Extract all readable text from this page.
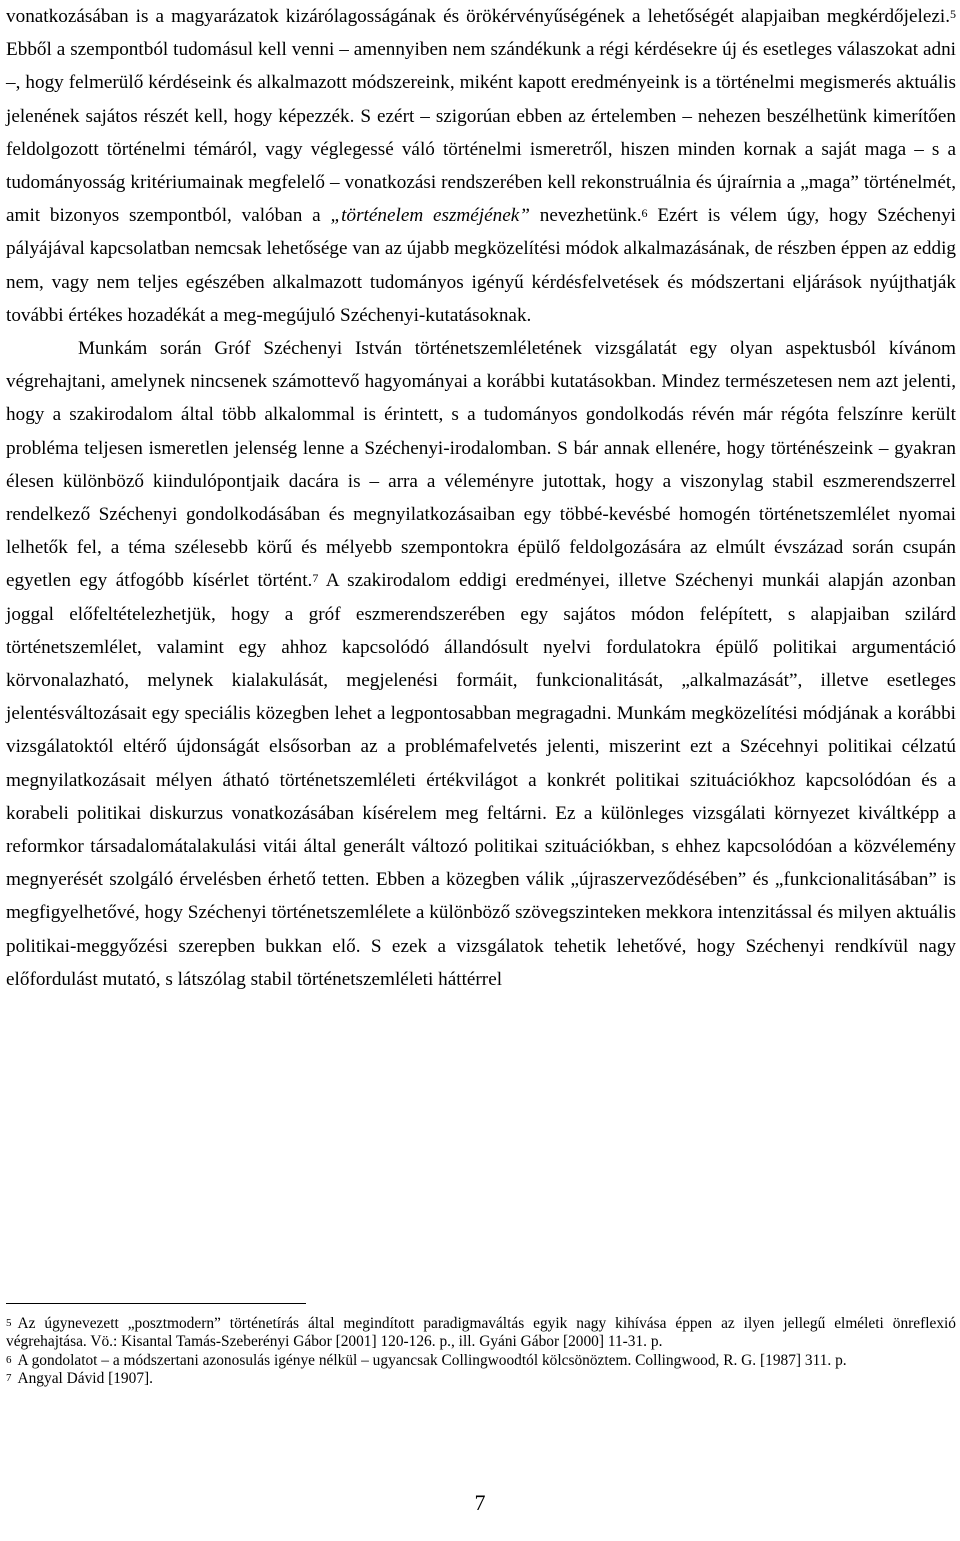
vonatkozásában is a magyarázatok kizárólagosságának és örökérvényűségének a lehetőségét alapjaiban megkérdőjelezi.$^5$ Ebből a szempontból tudomásul kell venni – amennyiben nem szándékunk a régi kérdésekre új és esetleges válaszokat adni –, hogy felmerülő kérdéseink és alkalmazott módszereink, miként kapott eredményeink is a történelmi megismerés aktuális jelenének sajátos részét kell, hogy képezzék. S ezért – szigorúan ebben az értelemben – nehezen beszélhetünk kimerítően feldolgozott történelmi témáról, vagy véglegessé váló történelmi ismeretről, hiszen minden kornak a saját maga – s a tudományosság kritériumainak megfelelő – vonatkozási rendszerében kell rekonstruálnia és újraírnia a „maga” történelmét, amit bizonyos szempontból, valóban a „történelem eszméjének” nevezhetünk.$^6$ Ezért is vélem úgy, hogy Széchenyi pályájával kapcsolatban nemcsak lehetősége van az újabb megközelítési módok alkalmazásának, de részben éppen az eddig nem, vagy nem teljes egészében alkalmazott tudományos igényű kérdésfelvetések és módszertani eljárások nyújthatják további értékes hozadékát a meg-megújuló Széchenyi-kutatásoknak.

Munkám során Gróf Széchenyi István történetszemléletének vizsgálatát egy olyan aspektusból kívánom végrehajtani, amelynek nincsenek számottevő hagyományai a korábbi kutatásokban. Mindez természetesen nem azt jelenti, hogy a szakirodalom által több alkalommal is érintett, s a tudományos gondolkodás révén már régóta felszínre került probléma teljesen ismeretlen jelenség lenne a Széchenyi-irodalomban. S bár annak ellenére, hogy történészeink – gyakran élesen különböző kiindulópontjaik dacára is – arra a véleményre jutottak, hogy a viszonylag stabil eszmerendszerrel rendelkező Széchenyi gondolkodásában és megnyilatkozásaiban egy többé-kevésbé homogén történetszemlélet nyomai lelhetők fel, a téma szélesebb körű és mélyebb szempontokra épülő feldolgozására az elmúlt évszázad során csupán egyetlen egy átfogóbb kísérlet történt.$^7$ A szakirodalom eddigi eredményei, illetve Széchenyi munkái alapján azonban joggal előfeltételezhetjük, hogy a gróf eszmerendszerében egy sajátos módon felépített, s alapjaiban szilárd történetszemlélet, valamint egy ahhoz kapcsolódó állandósult nyelvi fordulatokra épülő politikai argumentáció körvonalazható, melynek kialakulását, megjelenési formáit, funkcionalitását, „alkalmazását”, illetve esetleges jelentésváltozásait egy speciális közegben lehet a legpontosabban megragadni. Munkám megközelítési módjának a korábbi vizsgálatoktól eltérő újdonságát elsősorban az a problémafelvetés jelenti, miszerint ezt a Szécehnyi politikai célzatú megnyilatkozásait mélyen átható történetszemléleti értékvilágot a konkrét politikai szituációkhoz kapcsolódóan és a korabeli politikai diskurzus vonatkozásában kísérelem meg feltárni. Ez a különleges vizsgálati környezet kiváltképp a reformkor társadalomátalakulási vitái által generált változó politikai szituációkban, s ehhez kapcsolódóan a közvélemény megnyerését szolgáló érvelésben érhető tetten. Ebben a közegben válik „újraszerveződésében” és „funkcionalitásában” is megfigyelhetővé, hogy Széchenyi történetszemlélete a különböző szövegszinteken mekkora intenzitással és milyen aktuális politikai-meggyőzési szerepben bukkan elő. S ezek a vizsgálatok tehetik lehetővé, hogy Széchenyi rendkívül nagy előfordulást mutató, s látszólag stabil történetszemléleti háttérrel

$^5$ Az úgynevezett „posztmodern” történetírás által megindított paradigmaváltás egyik nagy kihívása éppen az ilyen jellegű elméleti önreflexió végrehajtása. Vö.: Kisantal Tamás-Szeberényi Gábor [2001] 120-126. p., ill. Gyáni Gábor [2000] 11-31. p.

$^6$ A gondolatot – a módszertani azonosulás igénye nélkül – ugyancsak Collingwoodtól kölcsönöztem. Collingwood, R. G. [1987] 311. p.

$^7$ Angyal Dávid [1907].

7
